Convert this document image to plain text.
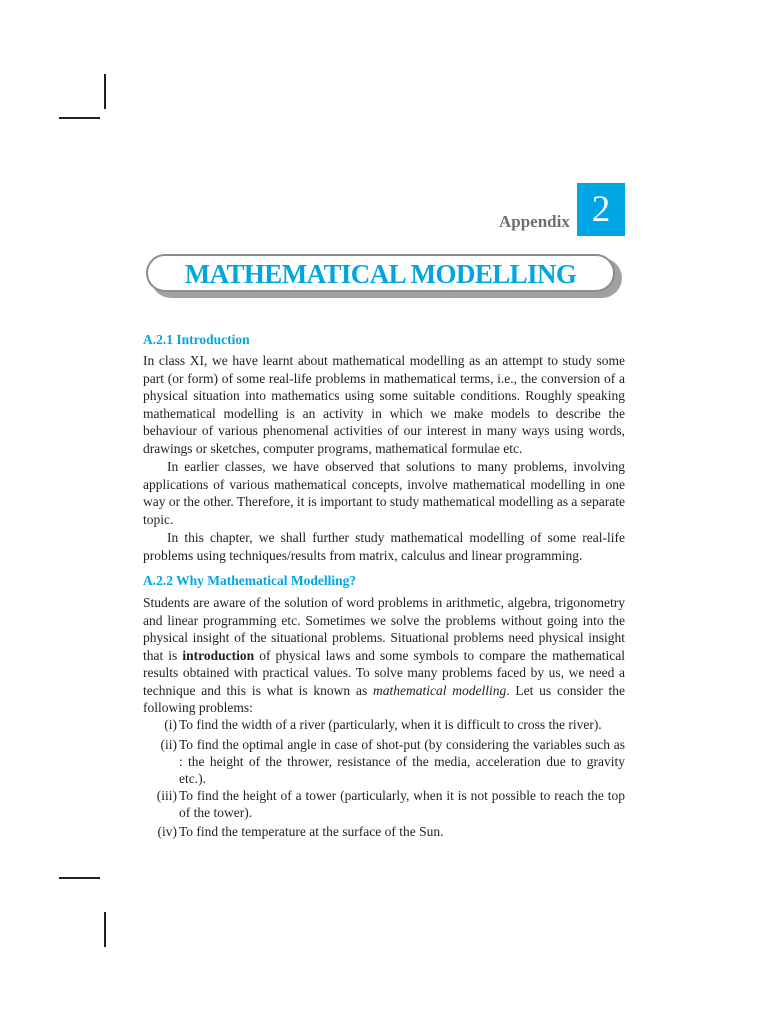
Appendix 2
MATHEMATICAL MODELLING
A.2.1 Introduction

In class XI, we have learnt about mathematical modelling as an attempt to study some part (or form) of some real-life problems in mathematical terms, i.e., the conversion of a physical situation into mathematics using some suitable conditions. Roughly speaking mathematical modelling is an activity in which we make models to describe the behaviour of various phenomenal activities of our interest in many ways using words, drawings or sketches, computer programs, mathematical formulae etc.

In earlier classes, we have observed that solutions to many problems, involving applications of various mathematical concepts, involve mathematical modelling in one way or the other. Therefore, it is important to study mathematical modelling as a separate topic.

In this chapter, we shall further study mathematical modelling of some real-life problems using techniques/results from matrix, calculus and linear programming.

A.2.2 Why Mathematical Modelling?

Students are aware of the solution of word problems in arithmetic, algebra, trigonometry and linear programming etc. Sometimes we solve the problems without going into the physical insight of the situational problems. Situational problems need physical insight that is introduction of physical laws and some symbols to compare the mathematical results obtained with practical values. To solve many problems faced by us, we need a technique and this is what is known as mathematical modelling. Let us consider the following problems:

(i) To find the width of a river (particularly, when it is difficult to cross the river).
(ii) To find the optimal angle in case of shot-put (by considering the variables such as : the height of the thrower, resistance of the media, acceleration due to gravity etc.).
(iii) To find the height of a tower (particularly, when it is not possible to reach the top of the tower).
(iv) To find the temperature at the surface of the Sun.
